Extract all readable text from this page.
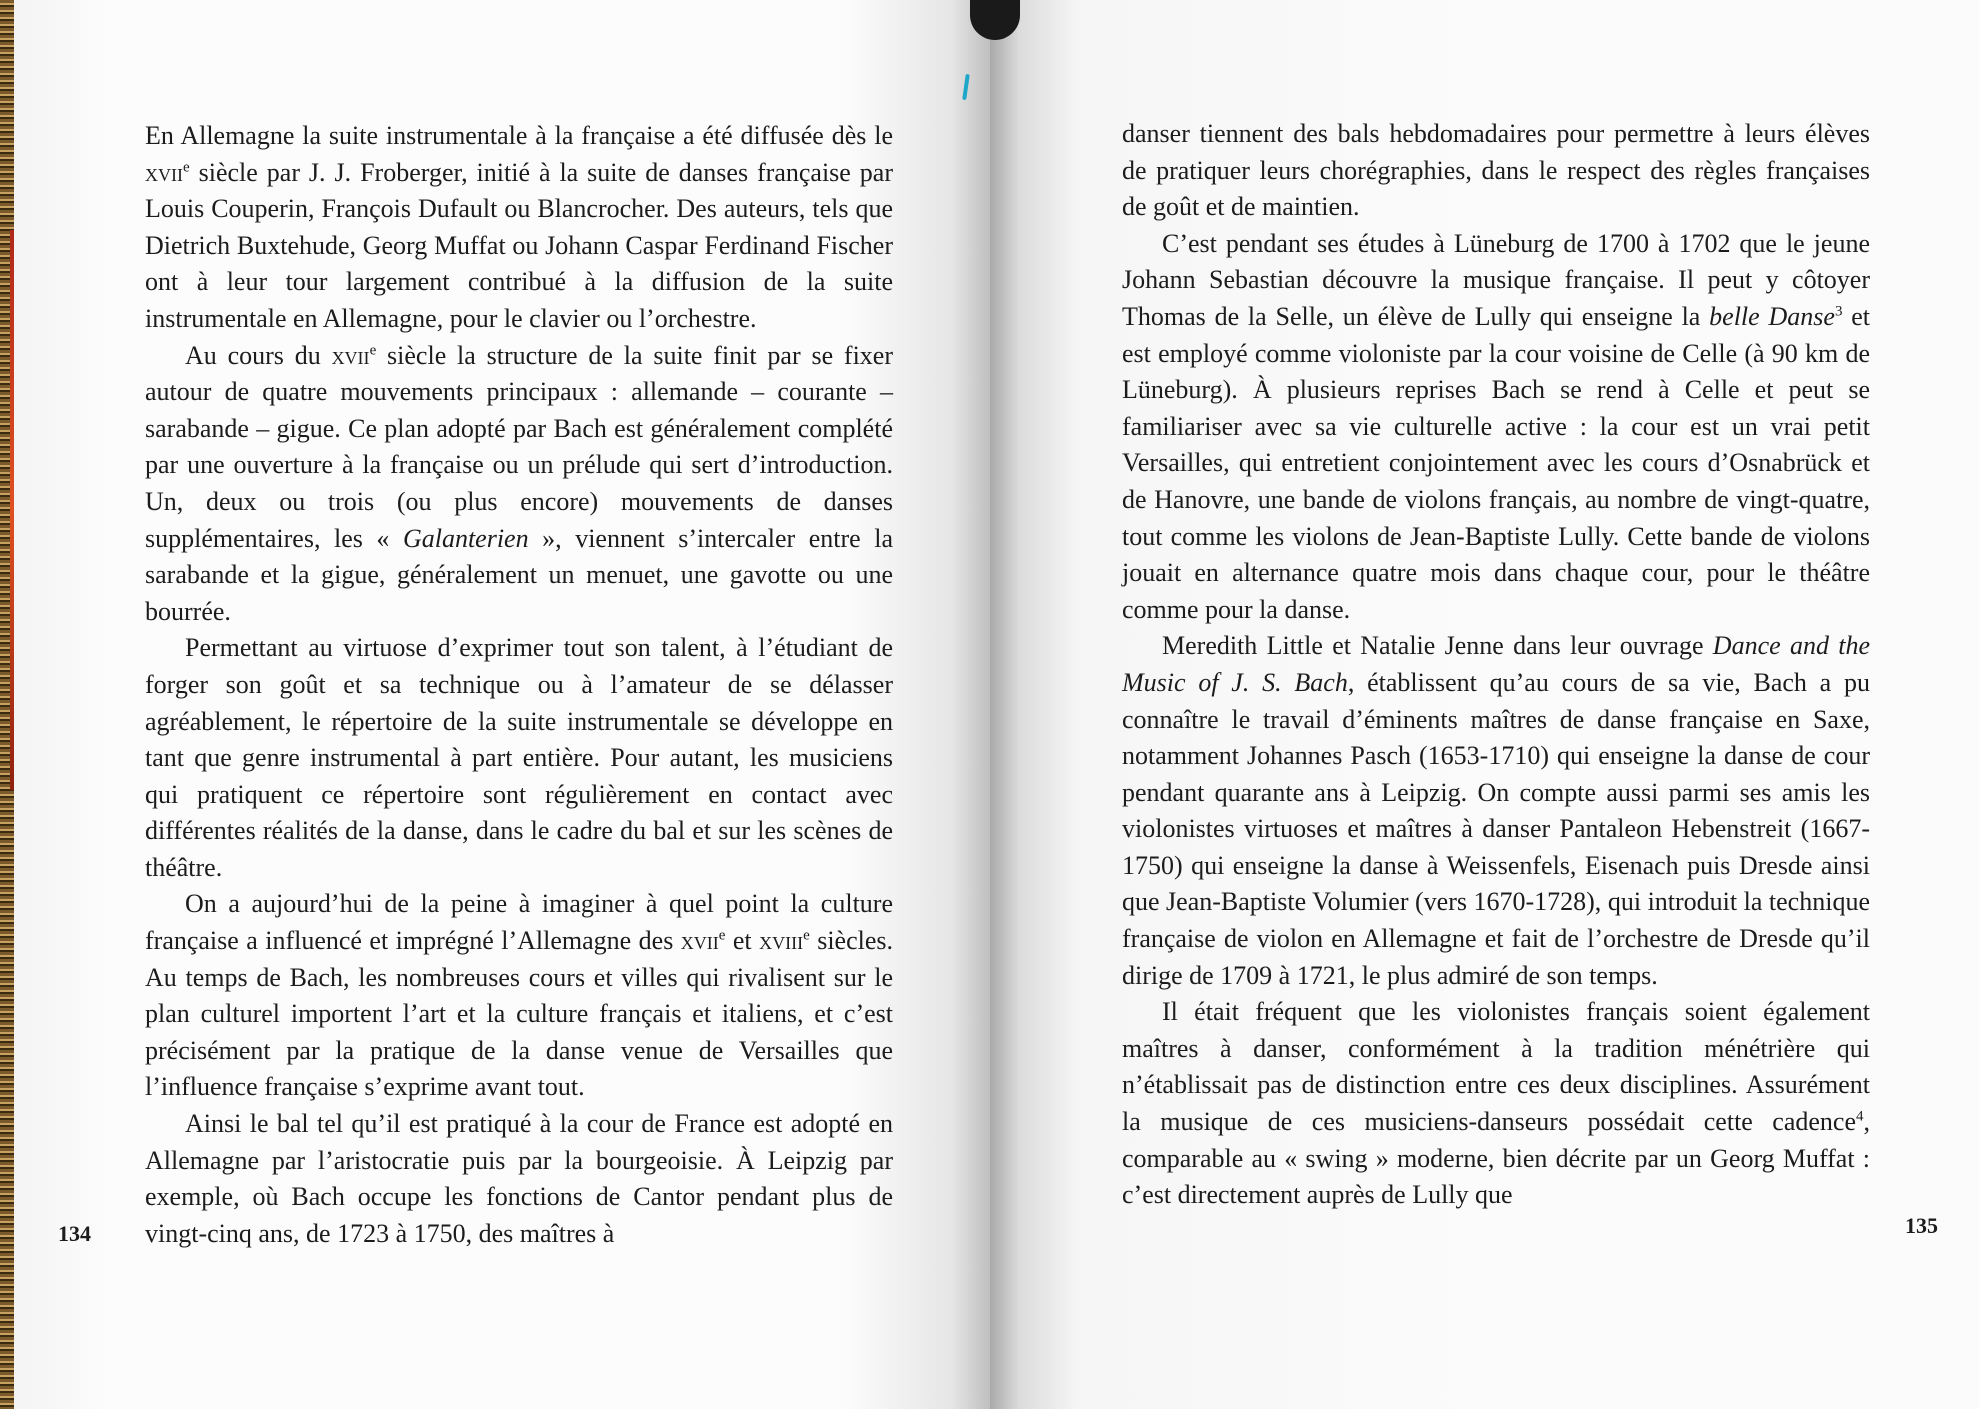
En Allemagne la suite instrumentale à la française a été diffusée dès le xvii$^e$ siècle par J. J. Froberger, initié à la suite de danses française par Louis Couperin, François Dufault ou Blancrocher. Des auteurs, tels que Dietrich Buxtehude, Georg Muffat ou Johann Caspar Ferdinand Fischer ont à leur tour largement contribué à la diffusion de la suite instrumentale en Allemagne, pour le clavier ou l’orchestre.

Au cours du xvii$^e$ siècle la structure de la suite finit par se fixer autour de quatre mouvements principaux : allemande – courante – sarabande – gigue. Ce plan adopté par Bach est généralement complété par une ouverture à la française ou un prélude qui sert d’introduction. Un, deux ou trois (ou plus encore) mouvements de danses supplémentaires, les « Galanterien », viennent s’intercaler entre la sarabande et la gigue, généralement un menuet, une gavotte ou une bourrée.

Permettant au virtuose d’exprimer tout son talent, à l’étudiant de forger son goût et sa technique ou à l’amateur de se délasser agréablement, le répertoire de la suite instrumentale se développe en tant que genre instrumental à part entière. Pour autant, les musiciens qui pratiquent ce répertoire sont régulièrement en contact avec différentes réalités de la danse, dans le cadre du bal et sur les scènes de théâtre.

On a aujourd’hui de la peine à imaginer à quel point la culture française a influencé et imprégné l’Allemagne des xvii$^e$ et xviii$^e$ siècles. Au temps de Bach, les nombreuses cours et villes qui rivalisent sur le plan culturel importent l’art et la culture français et italiens, et c’est précisément par la pratique de la danse venue de Versailles que l’influence française s’exprime avant tout.

Ainsi le bal tel qu’il est pratiqué à la cour de France est adopté en Allemagne par l’aristocratie puis par la bourgeoisie. À Leipzig par exemple, où Bach occupe les fonctions de Cantor pendant plus de vingt-cinq ans, de 1723 à 1750, des maîtres à

danser tiennent des bals hebdomadaires pour permettre à leurs élèves de pratiquer leurs chorégraphies, dans le respect des règles françaises de goût et de maintien.

C’est pendant ses études à Lüneburg de 1700 à 1702 que le jeune Johann Sebastian découvre la musique française. Il peut y côtoyer Thomas de la Selle, un élève de Lully qui enseigne la belle Danse$^3$ et est employé comme violoniste par la cour voisine de Celle (à 90 km de Lüneburg). À plusieurs reprises Bach se rend à Celle et peut se familiariser avec sa vie culturelle active : la cour est un vrai petit Versailles, qui entretient conjointement avec les cours d’Osnabrück et de Hanovre, une bande de violons français, au nombre de vingt-quatre, tout comme les violons de Jean-Baptiste Lully. Cette bande de violons jouait en alternance quatre mois dans chaque cour, pour le théâtre comme pour la danse.

Meredith Little et Natalie Jenne dans leur ouvrage Dance and the Music of J. S. Bach, établissent qu’au cours de sa vie, Bach a pu connaître le travail d’éminents maîtres de danse française en Saxe, notamment Johannes Pasch (1653-1710) qui enseigne la danse de cour pendant quarante ans à Leipzig. On compte aussi parmi ses amis les violonistes virtuoses et maîtres à danser Pantaleon Hebenstreit (1667-1750) qui enseigne la danse à Weissenfels, Eisenach puis Dresde ainsi que Jean-Baptiste Volumier (vers 1670-1728), qui introduit la technique française de violon en Allemagne et fait de l’orchestre de Dresde qu’il dirige de 1709 à 1721, le plus admiré de son temps.

Il était fréquent que les violonistes français soient également maîtres à danser, conformément à la tradition ménétrière qui n’établissait pas de distinction entre ces deux disciplines. Assurément la musique de ces musiciens-danseurs possédait cette cadence$^4$, comparable au « swing » moderne, bien décrite par un Georg Muffat : c’est directement auprès de Lully que

134	135
